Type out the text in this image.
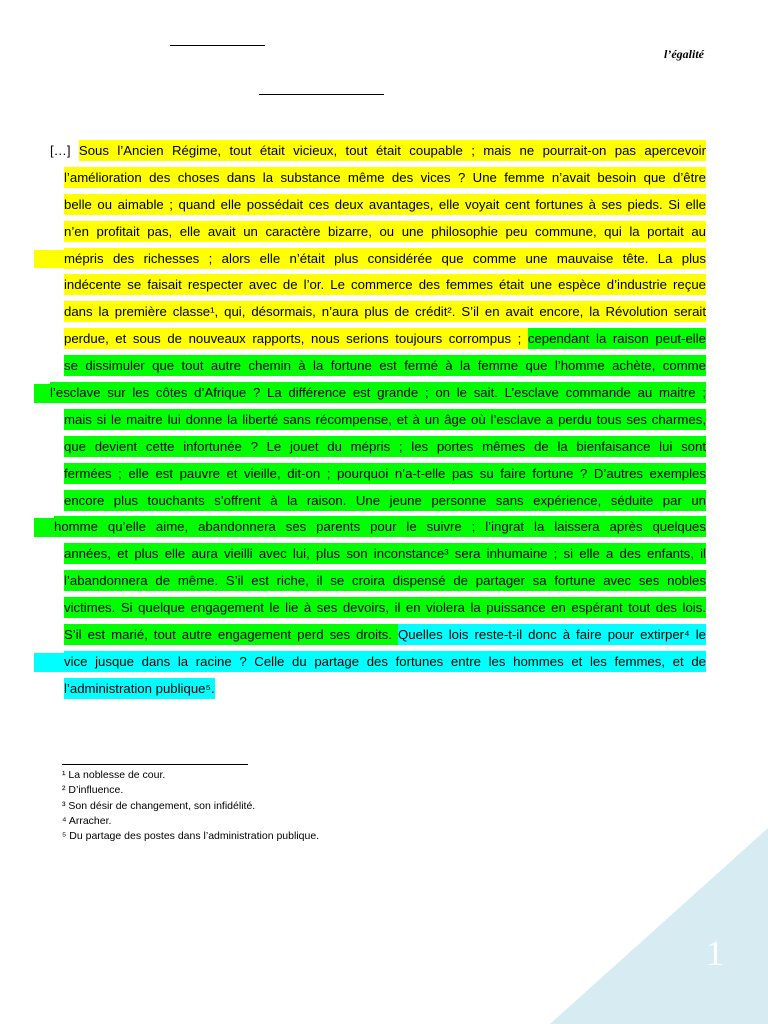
l’égalité
[…] Sous l’Ancien Régime, tout était vicieux, tout était coupable ; mais ne pourrait-on pas apercevoir
l’amélioration des choses dans la substance même des vices ? Une femme n’avait besoin que d’être
belle ou aimable ; quand elle possédait ces deux avantages, elle voyait cent fortunes à ses pieds. Si elle
n’en profitait pas, elle avait un caractère bizarre, ou une philosophie peu commune, qui la portait au
mépris des richesses ; alors elle n’était plus considérée que comme une mauvaise tête. La plus
indécente se faisait respecter avec de l’or. Le commerce des femmes était une espèce d’industrie reçue
dans la première classe¹, qui, désormais, n’aura plus de crédit². S’il en avait encore, la Révolution serait
perdue, et sous de nouveaux rapports, nous serions toujours corrompus ; cependant la raison peut-elle
se dissimuler que tout autre chemin à la fortune est fermé à la femme que l’homme achète, comme
l’esclave sur les côtes d’Afrique ? La différence est grande ; on le sait. L’esclave commande au maitre ;
mais si le maitre lui donne la liberté sans récompense, et à un âge où l’esclave a perdu tous ses charmes,
que devient cette infortunée ? Le jouet du mépris ; les portes mêmes de la bienfaisance lui sont
fermées ; elle est pauvre et vieille, dit-on ; pourquoi n’a-t-elle pas su faire fortune ? D’autres exemples
encore plus touchants s’offrent à la raison. Une jeune personne sans expérience, séduite par un
homme qu’elle aime, abandonnera ses parents pour le suivre ; l’ingrat la laissera après quelques
années, et plus elle aura vieilli avec lui, plus son inconstance³ sera inhumaine ; si elle a des enfants, il
l’abandonnera de même. S’il est riche, il se croira dispensé de partager sa fortune avec ses nobles
victimes. Si quelque engagement le lie à ses devoirs, il en violera la puissance en espérant tout des lois.
S’il est marié, tout autre engagement perd ses droits. Quelles lois reste-t-il donc à faire pour extirper⁴ le
vice jusque dans la racine ? Celle du partage des fortunes entre les hommes et les femmes, et de
l’administration publique⁵.
¹ La noblesse de cour.
² D’influence.
³ Son désir de changement, son infidélité.
⁴ Arracher.
⁵ Du partage des postes dans l’administration publique.
1
